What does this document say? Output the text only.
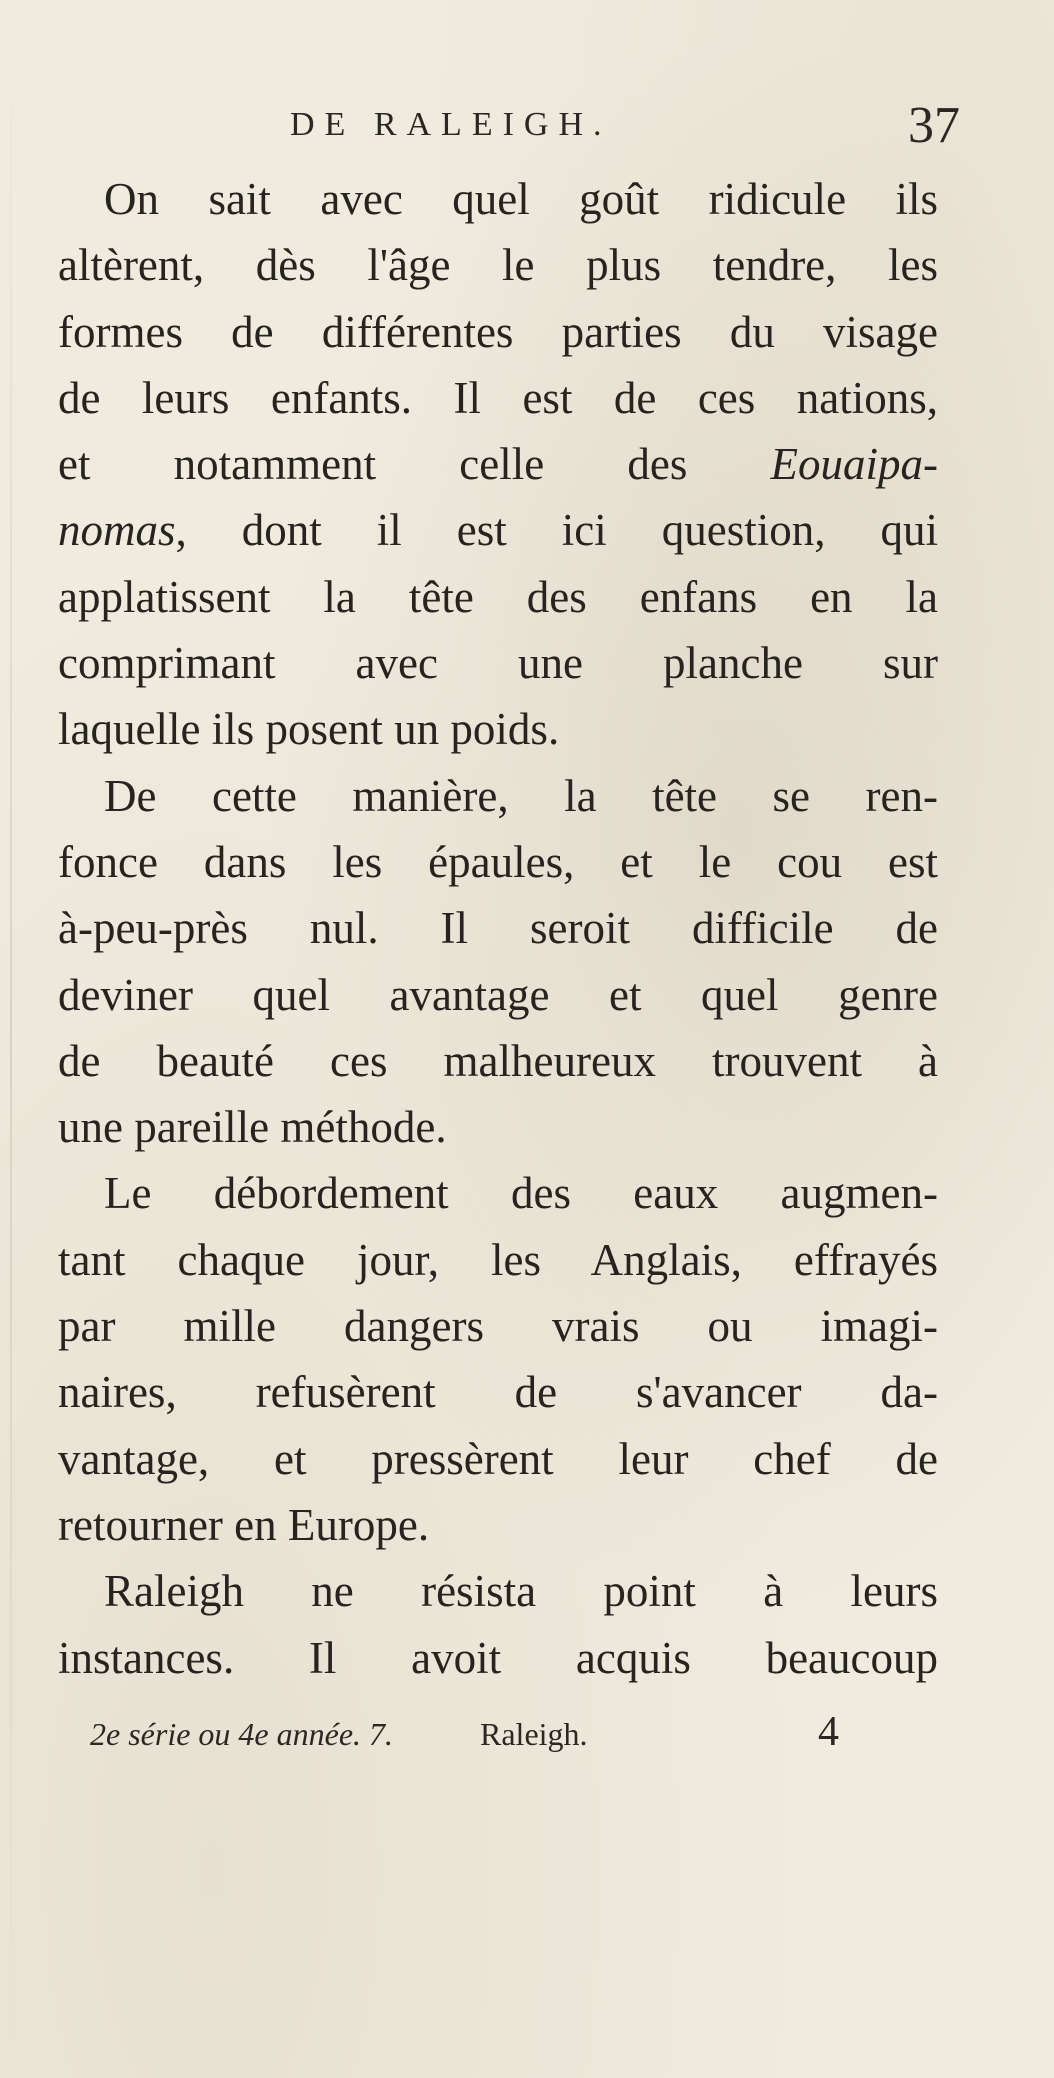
DE RALEIGH.	37
On sait avec quel goût ridicule ils
altèrent, dès l'âge le plus tendre, les
formes de différentes parties du visage
de leurs enfants. Il est de ces nations,
et notamment celle des Eouaipa-
nomas, dont il est ici question, qui
applatissent la tête des enfans en la
comprimant avec une planche sur
laquelle ils posent un poids.
De cette manière, la tête se ren-
fonce dans les épaules, et le cou est
à-peu-près nul. Il seroit difficile de
deviner quel avantage et quel genre
de beauté ces malheureux trouvent à
une pareille méthode.
Le débordement des eaux augmen-
tant chaque jour, les Anglais, effrayés
par mille dangers vrais ou imagi-
naires, refusèrent de s'avancer da-
vantage, et pressèrent leur chef de
retourner en Europe.
Raleigh ne résista point à leurs
instances. Il avoit acquis beaucoup
2e série ou 4e année. 7.	Raleigh.	4
